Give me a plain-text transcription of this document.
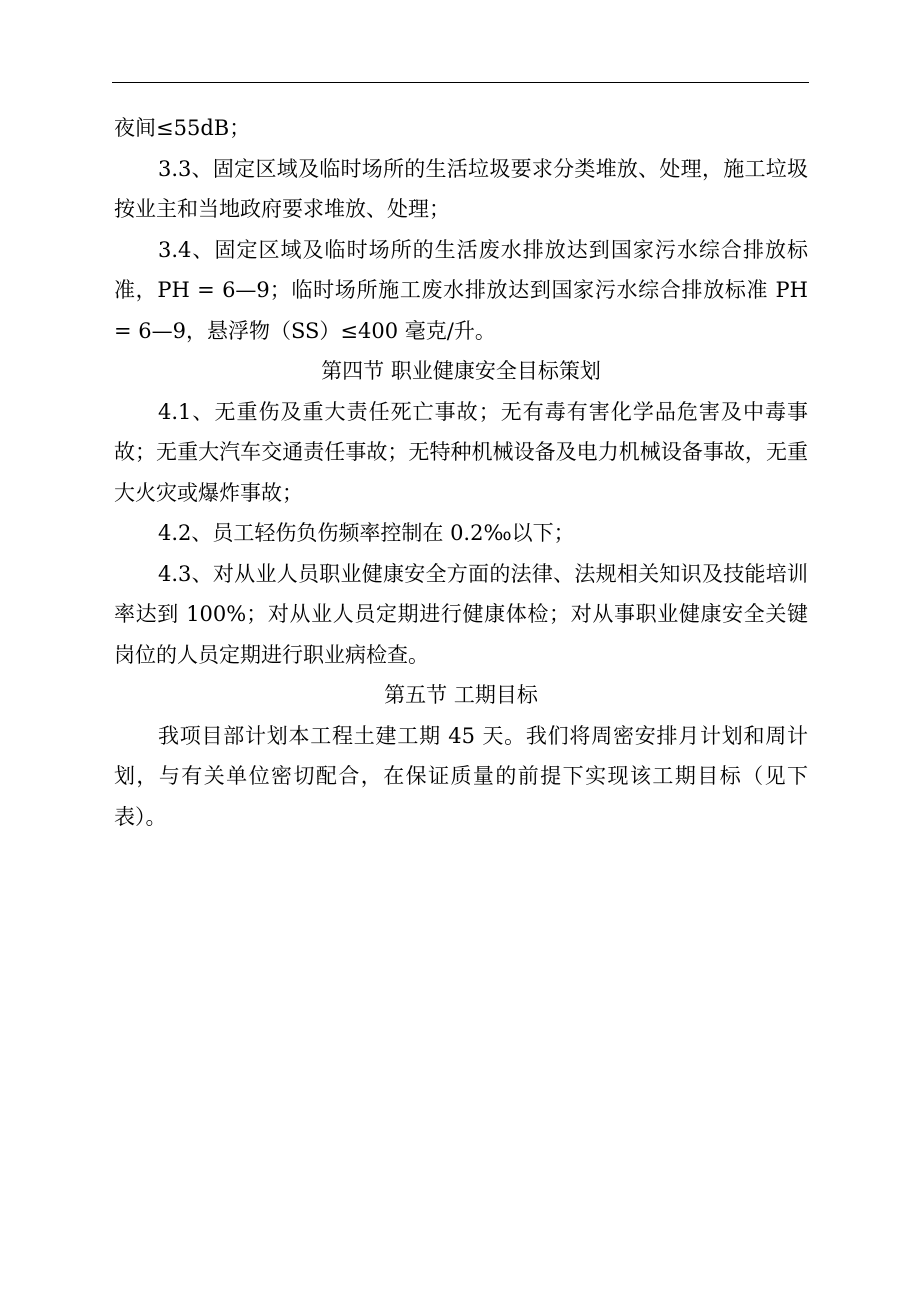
夜间≤55dB；

3.3、固定区域及临时场所的生活垃圾要求分类堆放、处理，施工垃圾按业主和当地政府要求堆放、处理；

3.4、固定区域及临时场所的生活废水排放达到国家污水综合排放标准，PH = 6—9；临时场所施工废水排放达到国家污水综合排放标准 PH = 6—9，悬浮物（SS）≤400 毫克/升。

第四节 职业健康安全目标策划

4.1、无重伤及重大责任死亡事故；无有毒有害化学品危害及中毒事故；无重大汽车交通责任事故；无特种机械设备及电力机械设备事故，无重大火灾或爆炸事故；

4.2、员工轻伤负伤频率控制在 0.2‰以下；

4.3、对从业人员职业健康安全方面的法律、法规相关知识及技能培训率达到 100%；对从业人员定期进行健康体检；对从事职业健康安全关键岗位的人员定期进行职业病检查。

第五节 工期目标

我项目部计划本工程土建工期 45 天。我们将周密安排月计划和周计划，与有关单位密切配合，在保证质量的前提下实现该工期目标（见下表）。
